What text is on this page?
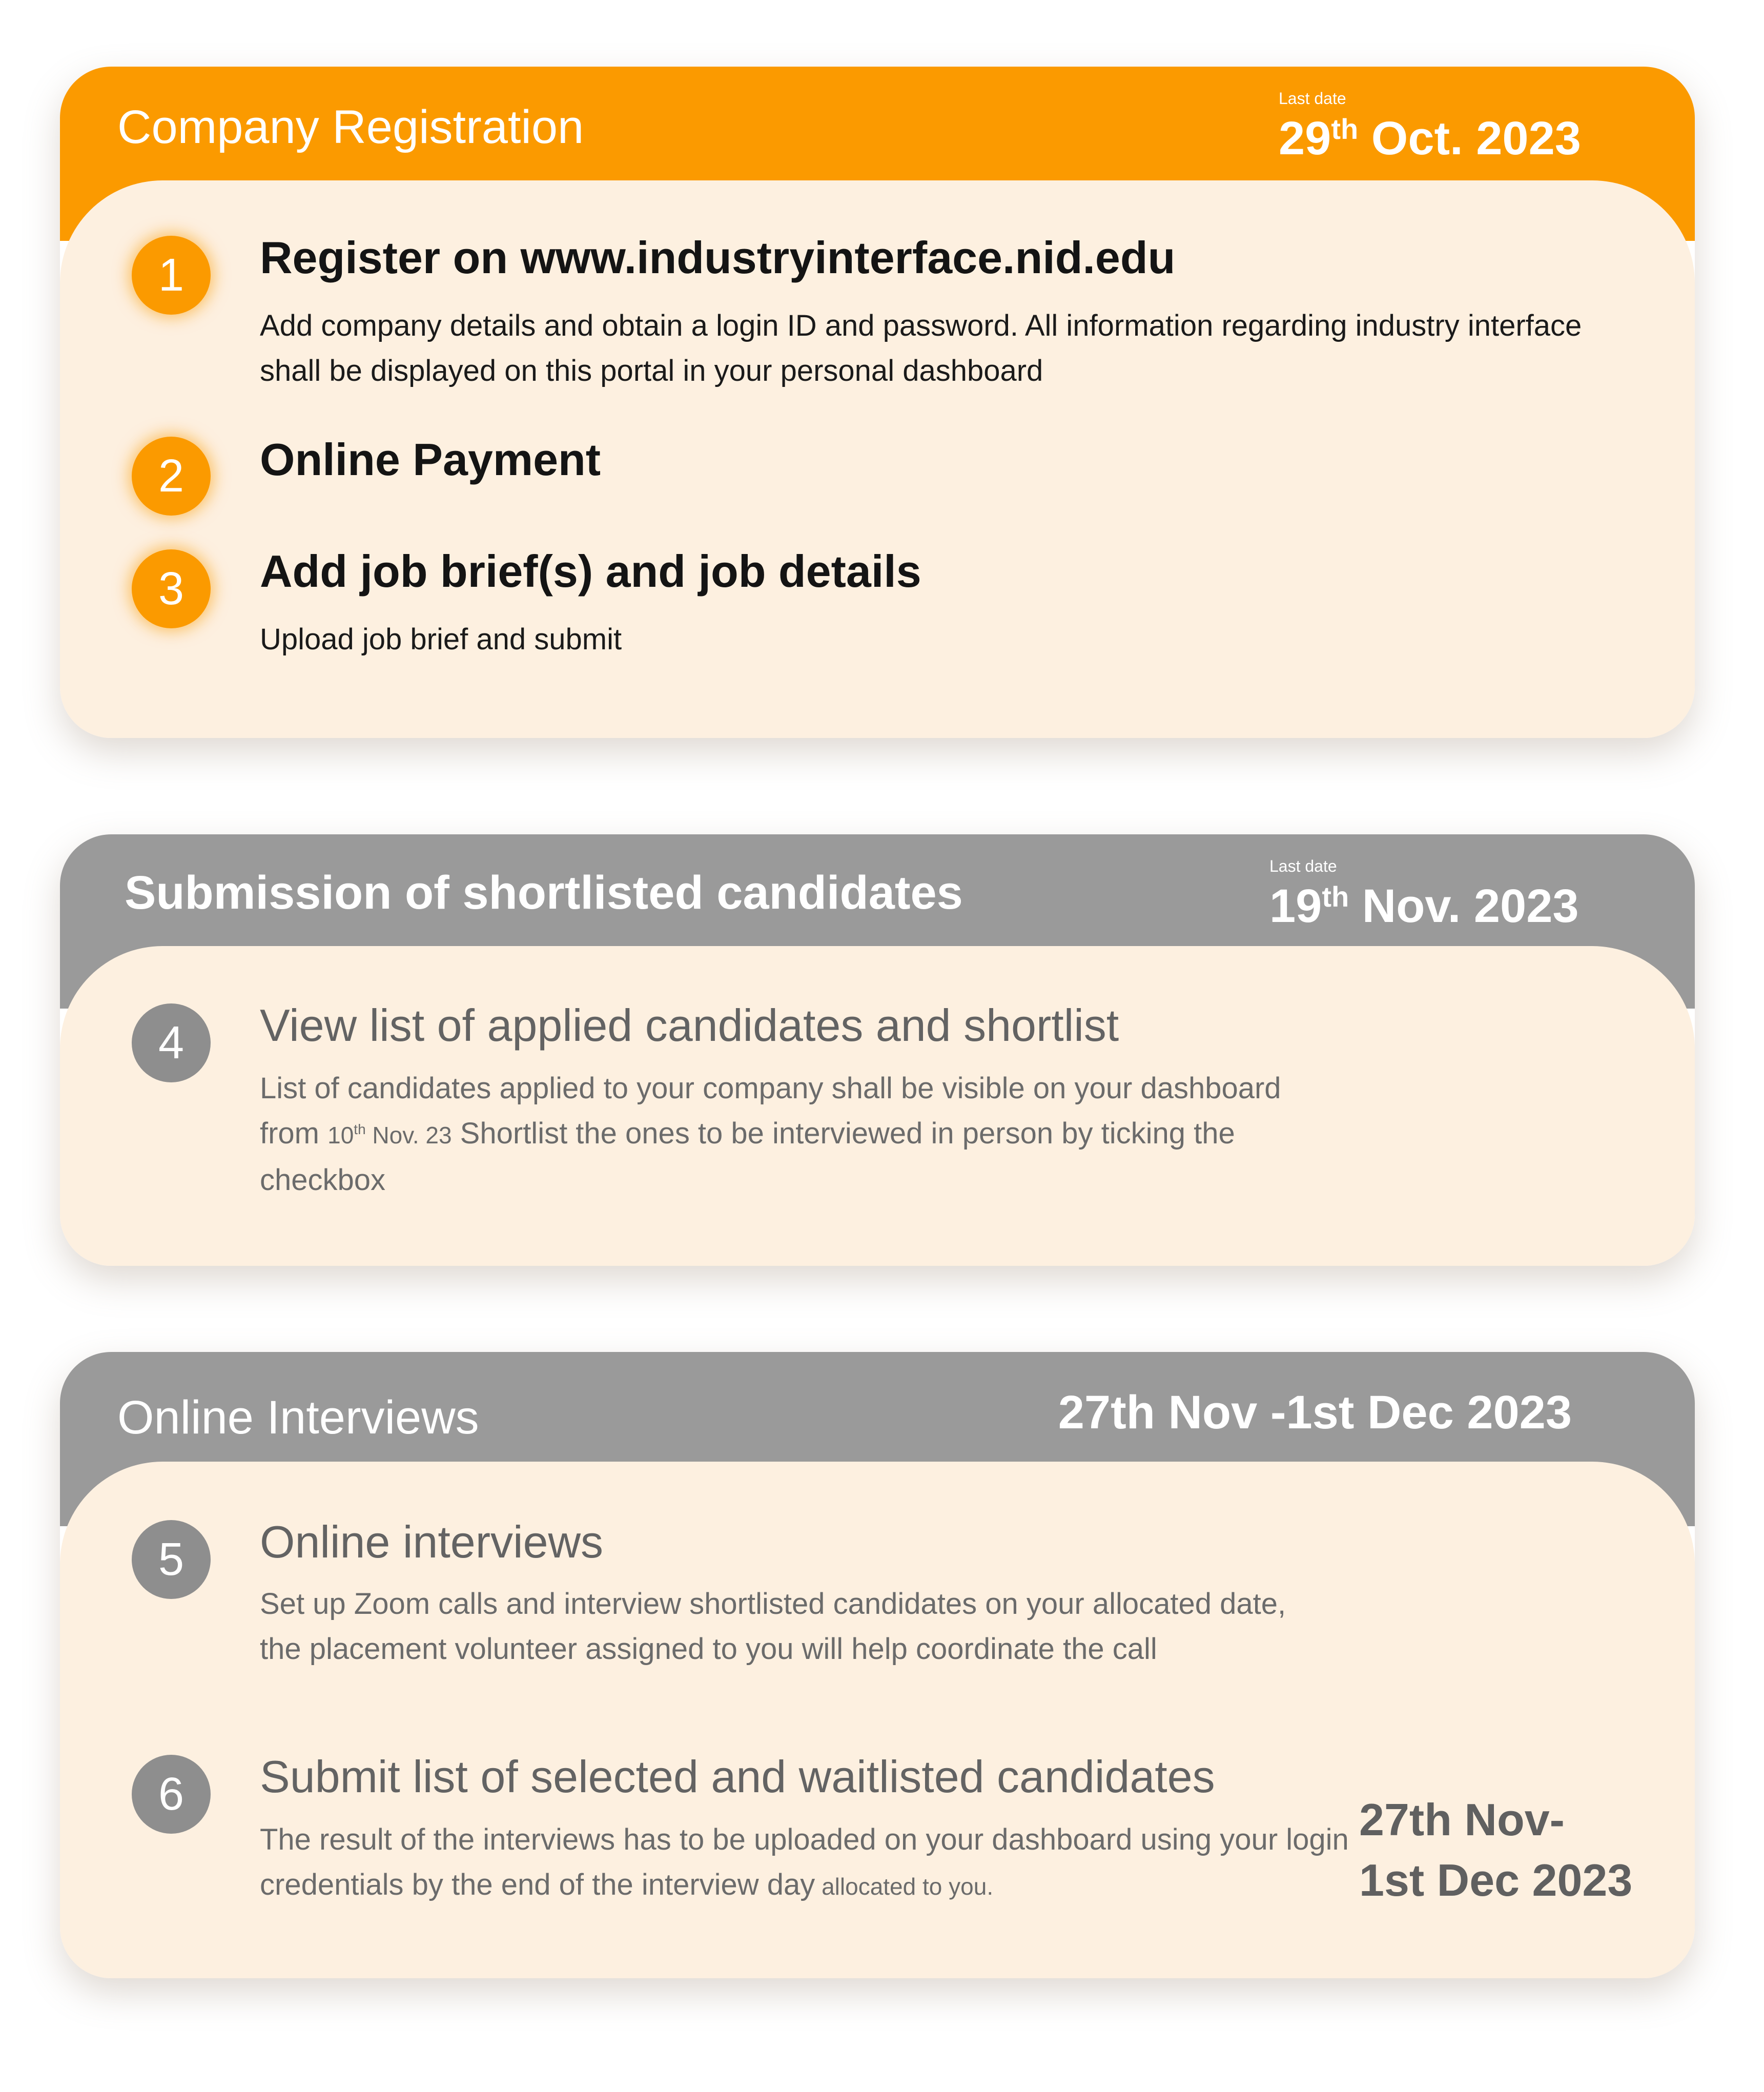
Company Registration
Last date
29th Oct. 2023
1	Register on www.industryinterface.nid.edu

Add company details and obtain a login ID and password. All information regarding industry interface shall be displayed on this portal in your personal dashboard

2	Online Payment
3	Add job brief(s) and job details

Upload job brief and submit

Submission of shortlisted candidates
Last date
19th Nov. 2023
4	View list of applied candidates and shortlist

List of candidates applied to your company shall be visible on your dashboard from 10th Nov. 23 Shortlist the ones to be interviewed in person by ticking the checkbox

Online Interviews	27th Nov -1st Dec 2023
5	Online interviews

Set up Zoom calls and interview shortlisted candidates on your allocated date, the placement volunteer assigned to you will help coordinate the call

6	Submit list of selected and waitlisted candidates

The result of the interviews has to be uploaded on your dashboard using your login credentials by the end of the interview day allocated to you.

27th Nov-
1st Dec 2023
